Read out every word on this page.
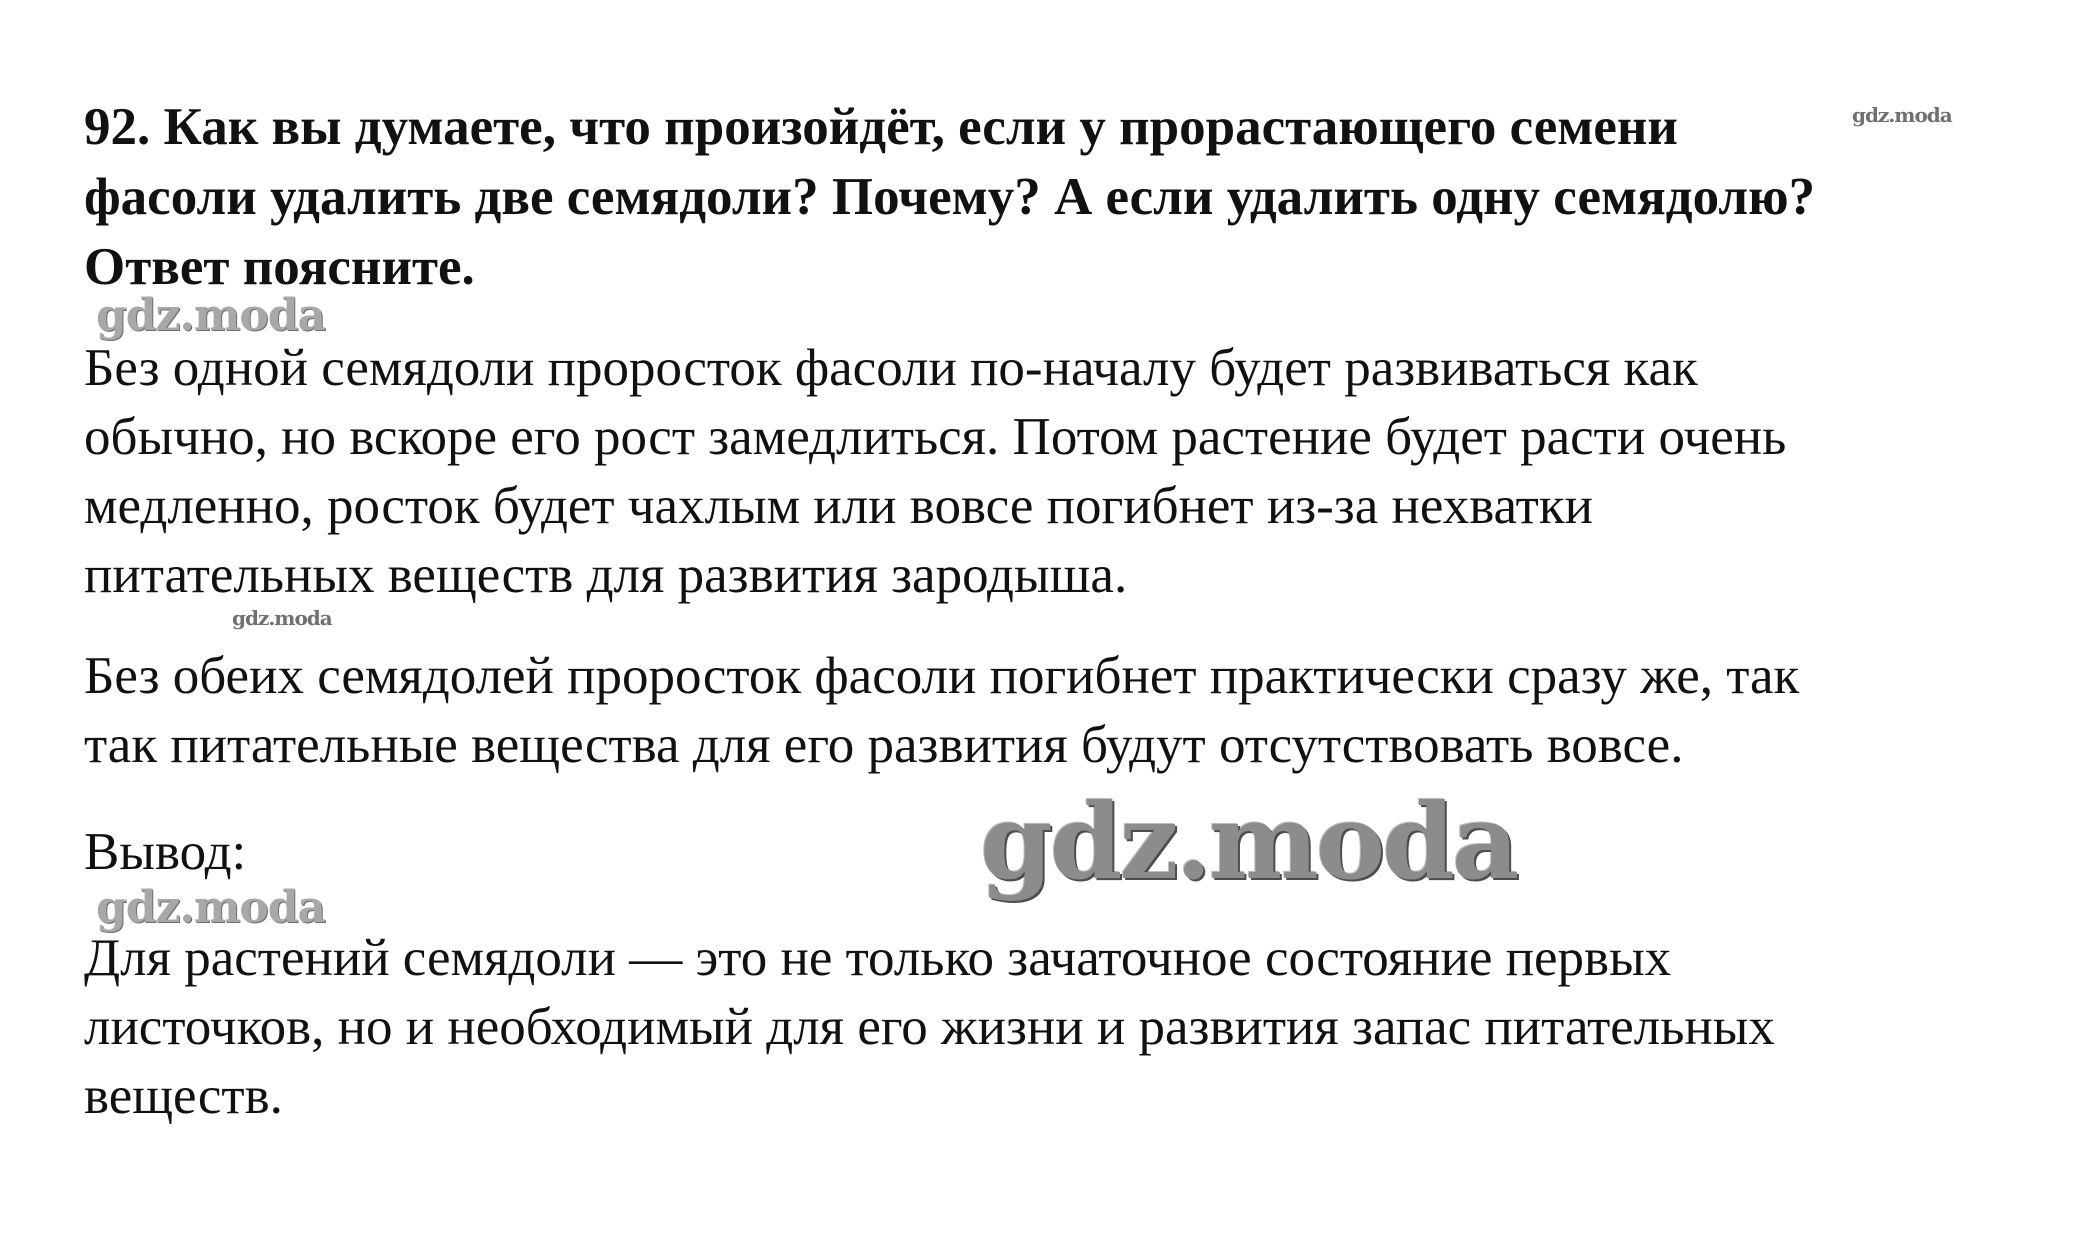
92. Как вы думаете, что произойдёт, если у прорастающего семени
фасоли удалить две семядоли? Почему? А если удалить одну семядолю?
Ответ поясните.
gdz.moda
gdz.moda
Без одной семядоли проросток фасоли по-началу будет развиваться как
обычно, но вскоре его рост замедлиться. Потом растение будет расти очень
медленно, росток будет чахлым или вовсе погибнет из-за нехватки
питательных веществ для развития зародыша.
gdz.moda
Без обеих семядолей проросток фасоли погибнет практически сразу же, так
так питательные вещества для его развития будут отсутствовать вовсе.
gdz.moda
Вывод:
gdz.moda
Для растений семядоли — это не только зачаточное состояние первых
листочков, но и необходимый для его жизни и развития запас питательных
веществ.
